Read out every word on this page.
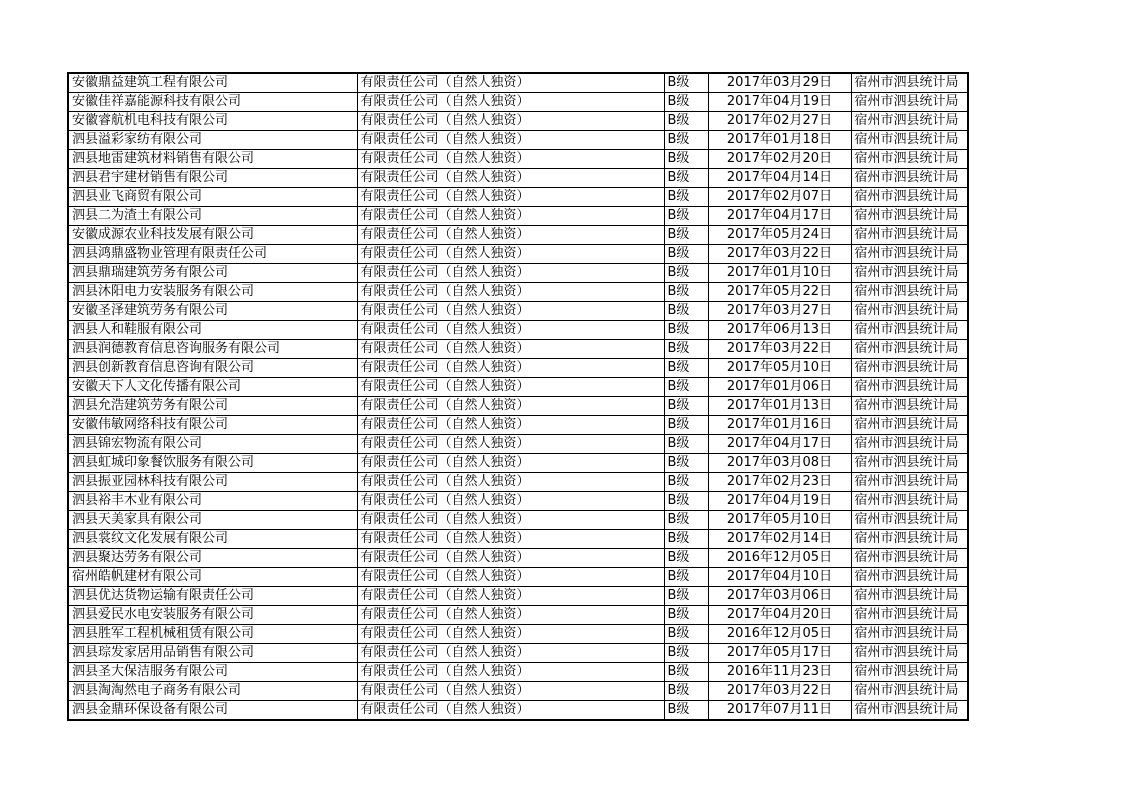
安徽鼎益建筑工程有限公司	有限责任公司（自然人独资）	B级	2017年03月29日	宿州市泗县统计局
安徽佳祥嘉能源科技有限公司	有限责任公司（自然人独资）	B级	2017年04月19日	宿州市泗县统计局
安徽睿航机电科技有限公司	有限责任公司（自然人独资）	B级	2017年02月27日	宿州市泗县统计局
泗县溢彩家纺有限公司	有限责任公司（自然人独资）	B级	2017年01月18日	宿州市泗县统计局
泗县地雷建筑材料销售有限公司	有限责任公司（自然人独资）	B级	2017年02月20日	宿州市泗县统计局
泗县君宇建材销售有限公司	有限责任公司（自然人独资）	B级	2017年04月14日	宿州市泗县统计局
泗县业飞商贸有限公司	有限责任公司（自然人独资）	B级	2017年02月07日	宿州市泗县统计局
泗县二为渣土有限公司	有限责任公司（自然人独资）	B级	2017年04月17日	宿州市泗县统计局
安徽成源农业科技发展有限公司	有限责任公司（自然人独资）	B级	2017年05月24日	宿州市泗县统计局
泗县鸿鼎盛物业管理有限责任公司	有限责任公司（自然人独资）	B级	2017年03月22日	宿州市泗县统计局
泗县鼎瑞建筑劳务有限公司	有限责任公司（自然人独资）	B级	2017年01月10日	宿州市泗县统计局
泗县沐阳电力安装服务有限公司	有限责任公司（自然人独资）	B级	2017年05月22日	宿州市泗县统计局
安徽圣泽建筑劳务有限公司	有限责任公司（自然人独资）	B级	2017年03月27日	宿州市泗县统计局
泗县人和鞋服有限公司	有限责任公司（自然人独资）	B级	2017年06月13日	宿州市泗县统计局
泗县润德教育信息咨询服务有限公司	有限责任公司（自然人独资）	B级	2017年03月22日	宿州市泗县统计局
泗县创新教育信息咨询有限公司	有限责任公司（自然人独资）	B级	2017年05月10日	宿州市泗县统计局
安徽天下人文化传播有限公司	有限责任公司（自然人独资）	B级	2017年01月06日	宿州市泗县统计局
泗县允浩建筑劳务有限公司	有限责任公司（自然人独资）	B级	2017年01月13日	宿州市泗县统计局
安徽伟敏网络科技有限公司	有限责任公司（自然人独资）	B级	2017年01月16日	宿州市泗县统计局
泗县锦宏物流有限公司	有限责任公司（自然人独资）	B级	2017年04月17日	宿州市泗县统计局
泗县虹城印象餐饮服务有限公司	有限责任公司（自然人独资）	B级	2017年03月08日	宿州市泗县统计局
泗县振亚园林科技有限公司	有限责任公司（自然人独资）	B级	2017年02月23日	宿州市泗县统计局
泗县裕丰木业有限公司	有限责任公司（自然人独资）	B级	2017年04月19日	宿州市泗县统计局
泗县天美家具有限公司	有限责任公司（自然人独资）	B级	2017年05月10日	宿州市泗县统计局
泗县裳纹文化发展有限公司	有限责任公司（自然人独资）	B级	2017年02月14日	宿州市泗县统计局
泗县聚达劳务有限公司	有限责任公司（自然人独资）	B级	2016年12月05日	宿州市泗县统计局
宿州皓帆建材有限公司	有限责任公司（自然人独资）	B级	2017年04月10日	宿州市泗县统计局
泗县优达货物运输有限责任公司	有限责任公司（自然人独资）	B级	2017年03月06日	宿州市泗县统计局
泗县爱民水电安装服务有限公司	有限责任公司（自然人独资）	B级	2017年04月20日	宿州市泗县统计局
泗县胜军工程机械租赁有限公司	有限责任公司（自然人独资）	B级	2016年12月05日	宿州市泗县统计局
泗县琮发家居用品销售有限公司	有限责任公司（自然人独资）	B级	2017年05月17日	宿州市泗县统计局
泗县圣大保洁服务有限公司	有限责任公司（自然人独资）	B级	2016年11月23日	宿州市泗县统计局
泗县淘淘然电子商务有限公司	有限责任公司（自然人独资）	B级	2017年03月22日	宿州市泗县统计局
泗县金鼎环保设备有限公司	有限责任公司（自然人独资）	B级	2017年07月11日	宿州市泗县统计局
